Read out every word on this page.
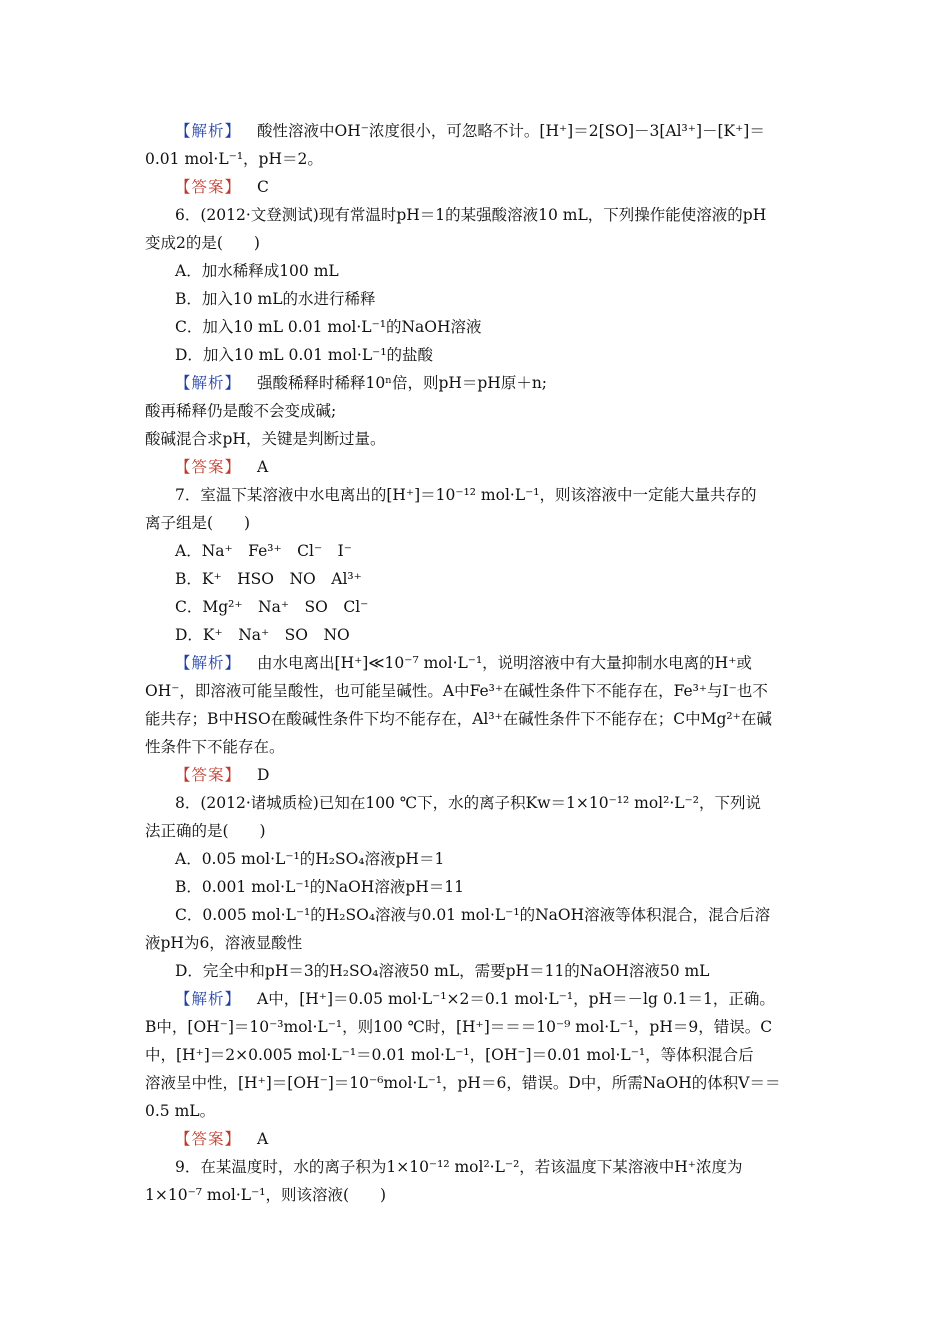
【解析】 酸性溶液中OH⁻浓度很小，可忽略不计。[H⁺]＝2[SO]－3[Al³⁺]－[K⁺]＝
0.01 mol·L⁻¹，pH＝2。
【答案】 C
6．(2012·文登测试)现有常温时pH＝1的某强酸溶液10 mL，下列操作能使溶液的pH
变成2的是(　　)
A．加水稀释成100 mL
B．加入10 mL的水进行稀释
C．加入10 mL 0.01 mol·L⁻¹的NaOH溶液
D．加入10 mL 0.01 mol·L⁻¹的盐酸
【解析】 强酸稀释时稀释10ⁿ倍，则pH＝pH原＋n;
酸再稀释仍是酸不会变成碱;
酸碱混合求pH，关键是判断过量。
【答案】 A
7．室温下某溶液中水电离出的[H⁺]＝10⁻¹² mol·L⁻¹，则该溶液中一定能大量共存的
离子组是(　　)
A．Na⁺　Fe³⁺　Cl⁻　I⁻
B．K⁺　HSO　NO　Al³⁺
C．Mg²⁺　Na⁺　SO　Cl⁻
D．K⁺　Na⁺　SO　NO
【解析】 由水电离出[H⁺]≪10⁻⁷ mol·L⁻¹，说明溶液中有大量抑制水电离的H⁺或
OH⁻，即溶液可能呈酸性，也可能呈碱性。A中Fe³⁺在碱性条件下不能存在，Fe³⁺与I⁻也不
能共存；B中HSO在酸碱性条件下均不能存在，Al³⁺在碱性条件下不能存在；C中Mg²⁺在碱
性条件下不能存在。
【答案】 D
8．(2012·诸城质检)已知在100 ℃下，水的离子积Kw＝1×10⁻¹² mol²·L⁻²，下列说
法正确的是(　　)
A．0.05 mol·L⁻¹的H₂SO₄溶液pH＝1
B．0.001 mol·L⁻¹的NaOH溶液pH＝11
C．0.005 mol·L⁻¹的H₂SO₄溶液与0.01 mol·L⁻¹的NaOH溶液等体积混合，混合后溶
液pH为6，溶液显酸性
D．完全中和pH＝3的H₂SO₄溶液50 mL，需要pH＝11的NaOH溶液50 mL
【解析】 A中，[H⁺]＝0.05 mol·L⁻¹×2＝0.1 mol·L⁻¹，pH＝－lg 0.1＝1，正确。
B中，[OH⁻]＝10⁻³mol·L⁻¹，则100 ℃时，[H⁺]＝＝＝10⁻⁹ mol·L⁻¹，pH＝9，错误。C
中，[H⁺]＝2×0.005 mol·L⁻¹＝0.01 mol·L⁻¹，[OH⁻]＝0.01 mol·L⁻¹，等体积混合后
溶液呈中性，[H⁺]＝[OH⁻]＝10⁻⁶mol·L⁻¹，pH＝6，错误。D中，所需NaOH的体积V＝＝
0.5 mL。
【答案】 A
9．在某温度时，水的离子积为1×10⁻¹² mol²·L⁻²，若该温度下某溶液中H⁺浓度为
1×10⁻⁷ mol·L⁻¹，则该溶液(　　)
